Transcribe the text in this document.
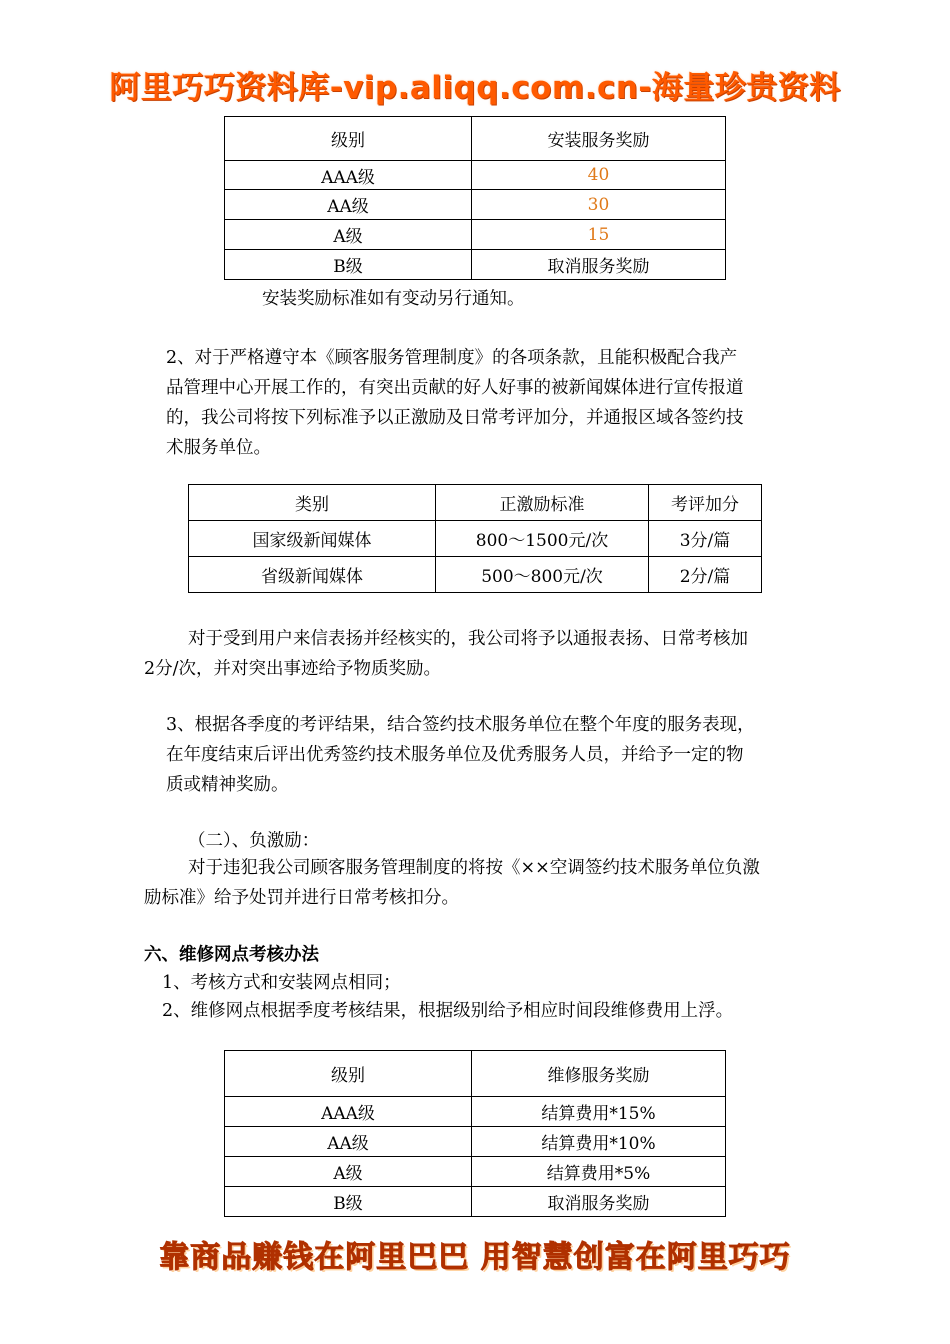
阿里巧巧资料库-vip.aliqq.com.cn-海量珍贵资料
级别	安装服务奖励
AAA级	40
AA级	30
A级	15
B级	取消服务奖励

安装奖励标准如有变动另行通知。

2、对于严格遵守本《顾客服务管理制度》的各项条款，且能积极配合我产

品管理中心开展工作的，有突出贡献的好人好事的被新闻媒体进行宣传报道

的，我公司将按下列标准予以正激励及日常考评加分，并通报区域各签约技

术服务单位。

类别	正激励标准	考评加分
国家级新闻媒体	800～1500元/次	3分/篇
省级新闻媒体	500～800元/次	2分/篇

对于受到用户来信表扬并经核实的，我公司将予以通报表扬、日常考核加

2分/次，并对突出事迹给予物质奖励。

3、根据各季度的考评结果，结合签约技术服务单位在整个年度的服务表现，

在年度结束后评出优秀签约技术服务单位及优秀服务人员，并给予一定的物

质或精神奖励。

（二）、负激励：

对于违犯我公司顾客服务管理制度的将按《××空调签约技术服务单位负激

励标准》给予处罚并进行日常考核扣分。

六、维修网点考核办法

1、考核方式和安装网点相同；

2、维修网点根据季度考核结果，根据级别给予相应时间段维修费用上浮。

级别	维修服务奖励
AAA级	结算费用*15%
AA级	结算费用*10%
A级	结算费用*5%
B级	取消服务奖励
靠商品赚钱在阿里巴巴 用智慧创富在阿里巧巧
